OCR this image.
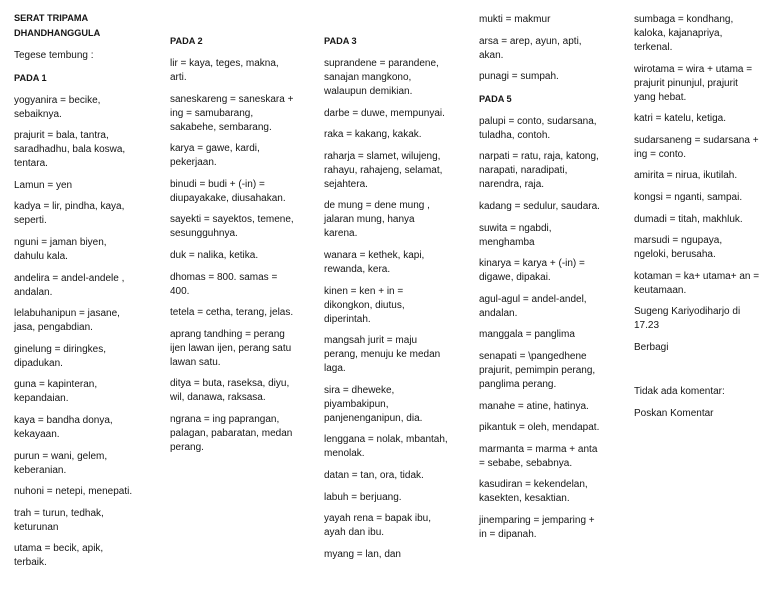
SERAT TRIPAMA
DHANDHANGGULA
Tegese tembung :
PADA 1
yogyanira = becike,
sebaiknya.
prajurit = bala, tantra,
saradhadhu, bala koswa,
tentara.
Lamun = yen
kadya = lir, pindha, kaya,
seperti.
nguni = jaman biyen,
dahulu kala.
andelira = andel-andele ,
andalan.
lelabuhanipun = jasane,
jasa, pengabdian.
ginelung = diringkes,
dipadukan.
guna = kapinteran,
kepandaian.
kaya = bandha donya,
kekayaan.
purun = wani, gelem,
keberanian.
nuhoni = netepi, menepati.
trah = turun, tedhak,
keturunan
utama = becik, apik,
terbaik.
PADA 2
lir = kaya, teges, makna,
arti.
saneskareng = saneskara +
ing = samubarang,
sakabehe, sembarang.
karya = gawe, kardi,
pekerjaan.
binudi = budi + (-in) =
diupayakake, diusahakan.
sayekti = sayektos, temene,
sesungguhnya.
duk = nalika, ketika.
dhomas = 800. samas =
400.
tetela = cetha, terang, jelas.
aprang tandhing = perang
ijen lawan ijen, perang satu
lawan satu.
ditya = buta, raseksa, diyu,
wil, danawa, raksasa.
ngrana = ing paprangan,
palagan, pabaratan, medan
perang.
PADA 3
suprandene = parandene,
sanajan mangkono,
walaupun demikian.
darbe = duwe, mempunyai.
raka = kakang, kakak.
raharja = slamet, wilujeng,
rahayu, rahajeng, selamat,
sejahtera.
de mung = dene mung ,
jalaran mung, hanya
karena.
wanara = kethek, kapi,
rewanda, kera.
kinen = ken + in =
dikongkon, diutus,
diperintah.
mangsah jurit = maju
perang, menuju ke medan
laga.
sira = dheweke,
piyambakipun,
panjenenganipun, dia.
lenggana = nolak, mbantah,
menolak.
datan = tan, ora, tidak.
labuh = berjuang.
yayah rena = bapak ibu,
ayah dan ibu.
myang = lan, dan
mukti = makmur
arsa = arep, ayun, apti,
akan.
punagi = sumpah.
PADA 5
palupi = conto, sudarsana,
tuladha, contoh.
narpati = ratu, raja, katong,
narapati, naradipati,
narendra, raja.
kadang = sedulur, saudara.
suwita = ngabdi,
menghamba
kinarya = karya + (-in) =
digawe, dipakai.
agul-agul = andel-andel,
andalan.
manggala = panglima
senapati = \pangedhene
prajurit, pemimpin perang,
panglima perang.
manahe = atine, hatinya.
pikantuk = oleh, mendapat.
marmanta = marma + anta
= sebabe, sebabnya.
kasudiran = kekendelan,
kasekten, kesaktian.
jinemparing = jemparing +
in = dipanah.
sumbaga = kondhang,
kaloka, kajanapriya,
terkenal.
wirotama = wira + utama =
prajurit pinunjul, prajurit
yang hebat.
katri = katelu, ketiga.
sudarsaneng = sudarsana +
ing = conto.
amirita = nirua, ikutilah.
kongsi = nganti, sampai.
dumadi = titah, makhluk.
marsudi = ngupaya,
ngeloki, berusaha.
kotaman = ka+ utama+ an =
keutamaan.
Sugeng Kariyodiharjo di
17.23
Berbagi
Tidak ada komentar:
Poskan Komentar
